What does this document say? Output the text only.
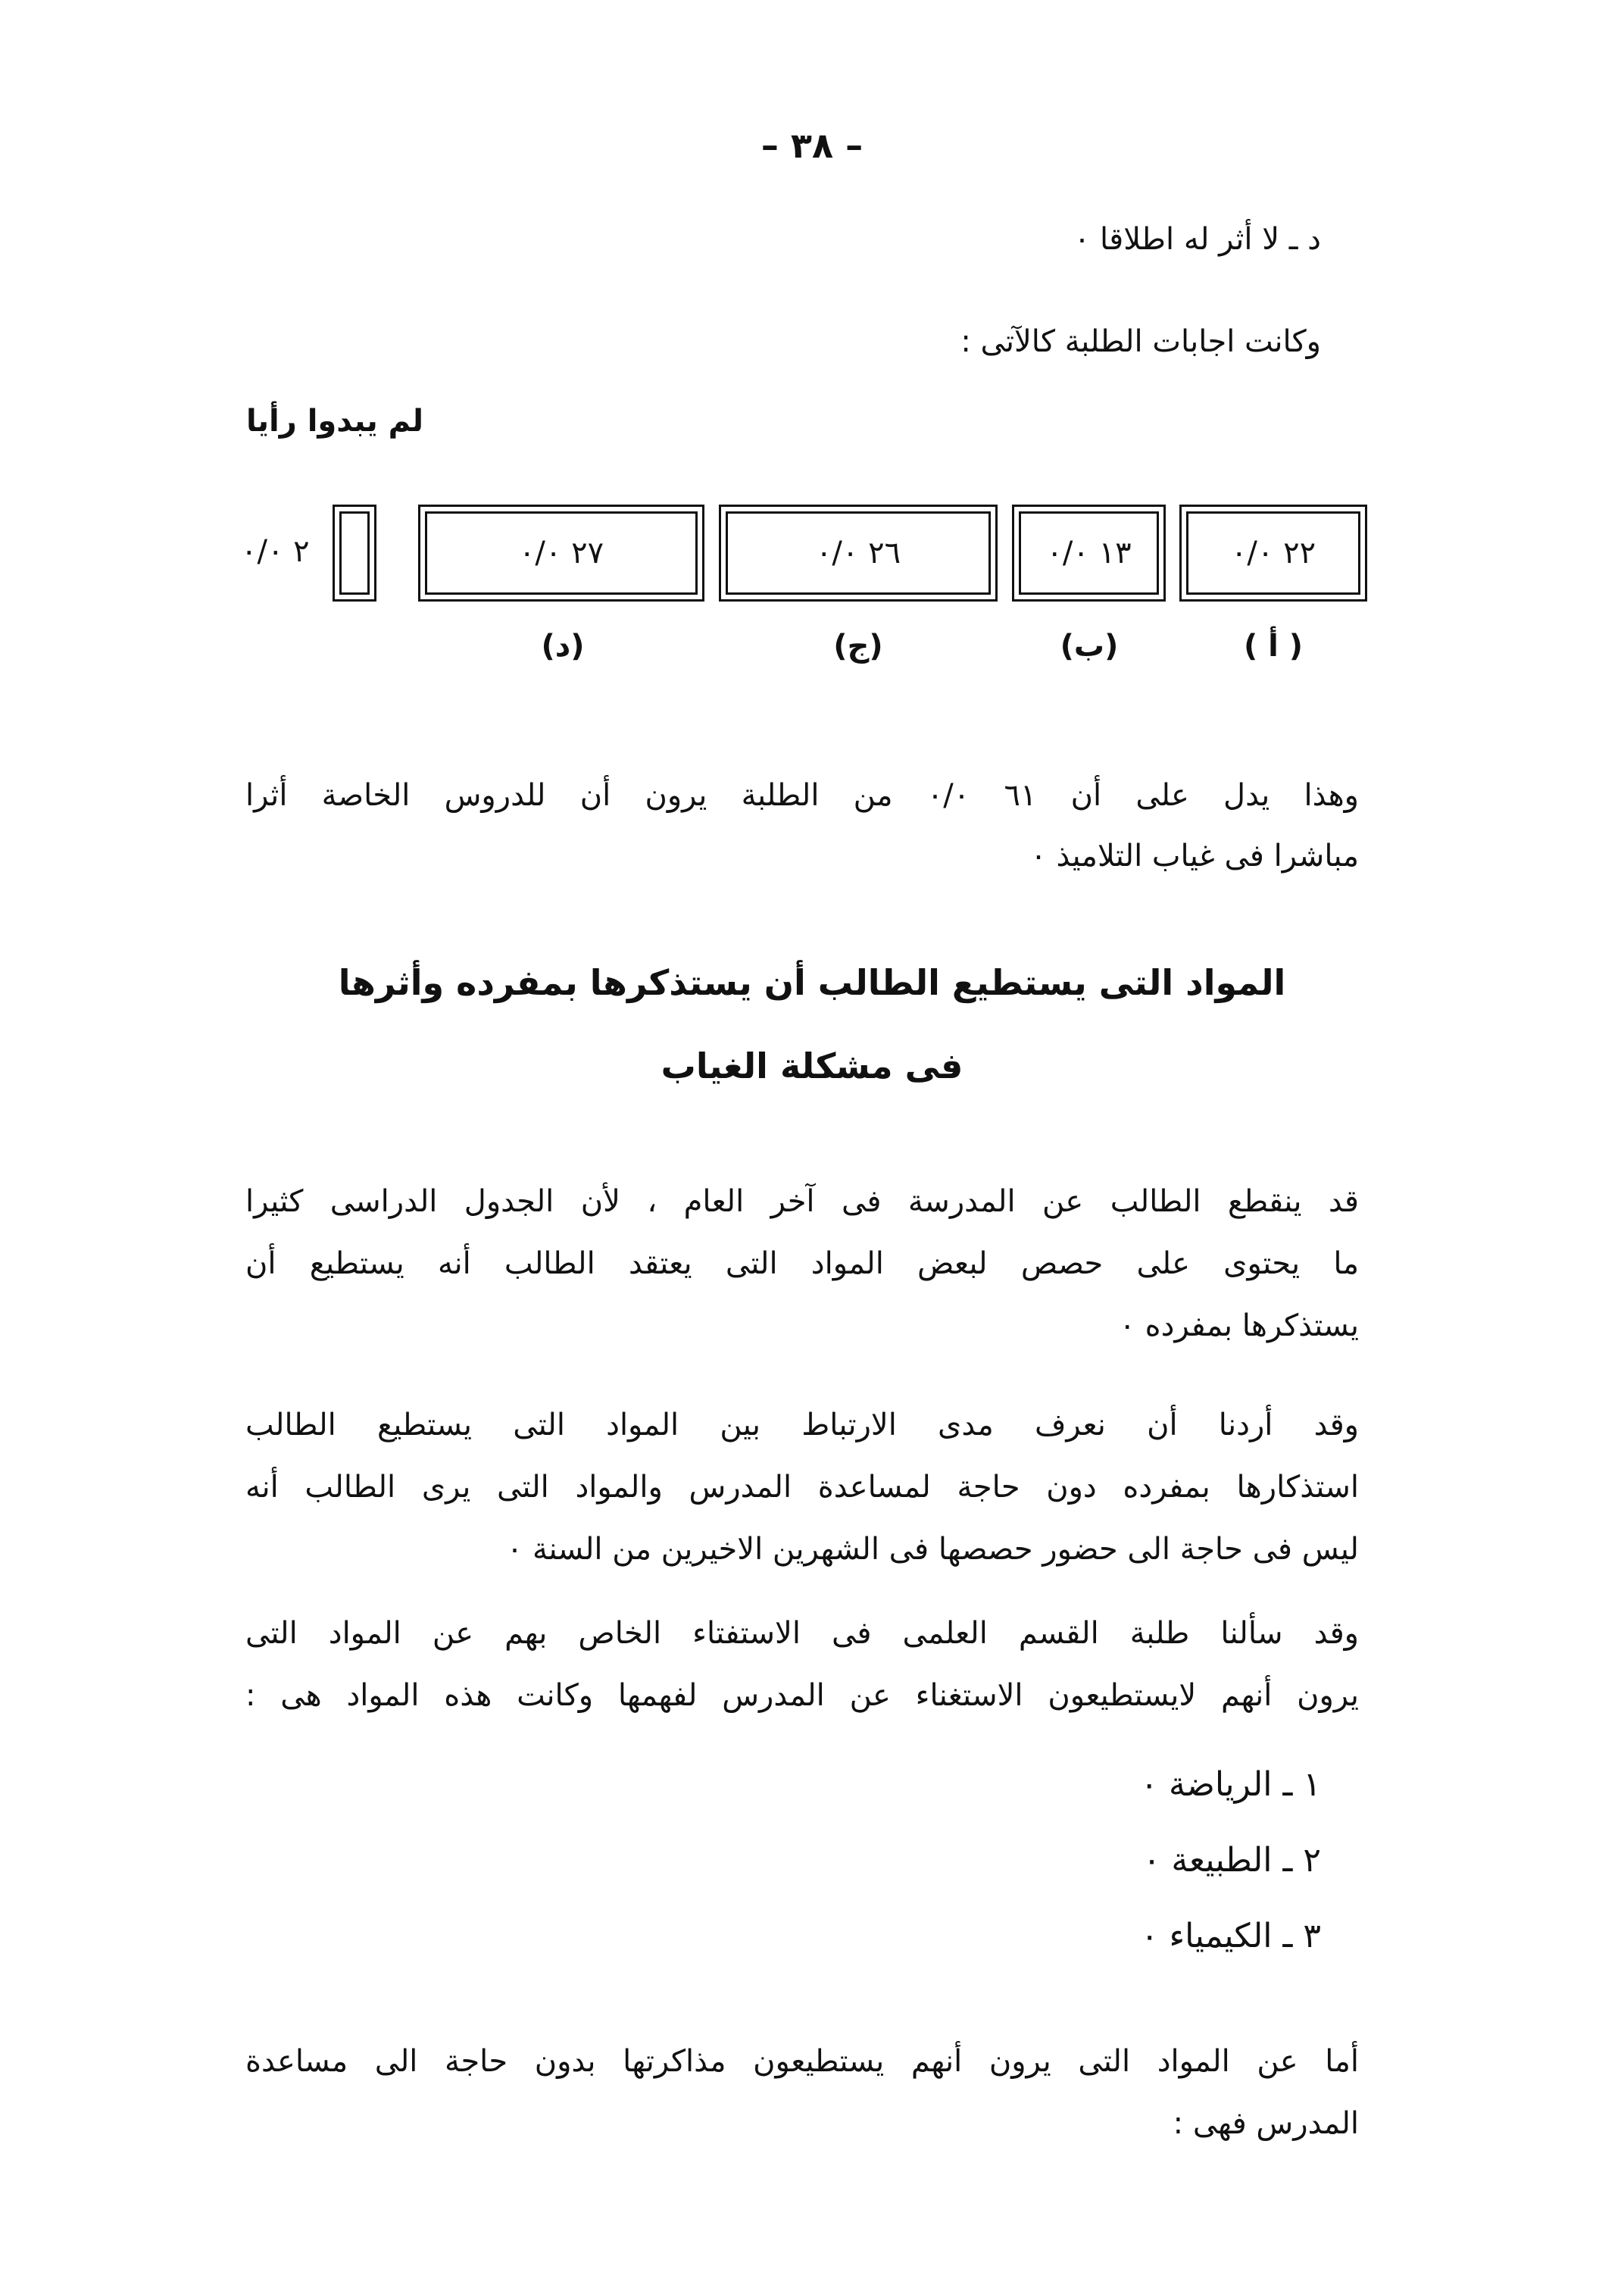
– ٣٨ –
د ـ لا أثر له اطلاقا ٠
وكانت اجابات الطلبة كالآتى :
لم يبدوا رأيا
٢٢ ٠/٠
١٣ ٠/٠
٢٦ ٠/٠
٢٧ ٠/٠
٢ ٠/٠
( أ )
(ب)
(ج)
(د)

وهذا يدل على أن ٦١ ٠/٠ من الطلبة يرون أن للدروس الخاصة أثرا

مباشرا فى غياب التلاميذ ٠

المواد التى يستطيع الطالب أن يستذكرها بمفرده وأثرها
فى مشكلة الغياب

قد ينقطع الطالب عن المدرسة فى آخر العام ، لأن الجدول الدراسى كثيرا

ما يحتوى على حصص لبعض المواد التى يعتقد الطالب أنه يستطيع أن

يستذكرها بمفرده ٠

وقد أردنا أن نعرف مدى الارتباط بين المواد التى يستطيع الطالب

استذكارها بمفرده دون حاجة لمساعدة المدرس والمواد التى يرى الطالب أنه

ليس فى حاجة الى حضور حصصها فى الشهرين الاخيرين من السنة ٠

وقد سألنا طلبة القسم العلمى فى الاستفتاء الخاص بهم عن المواد التى

يرون أنهم لايستطيعون الاستغناء عن المدرس لفهمها وكانت هذه المواد هى :

١ ـ الرياضة ٠
٢ ـ الطبيعة ٠
٣ ـ الكيمياء ٠

أما عن المواد التى يرون أنهم يستطيعون مذاكرتها بدون حاجة الى مساعدة

المدرس فهى :
